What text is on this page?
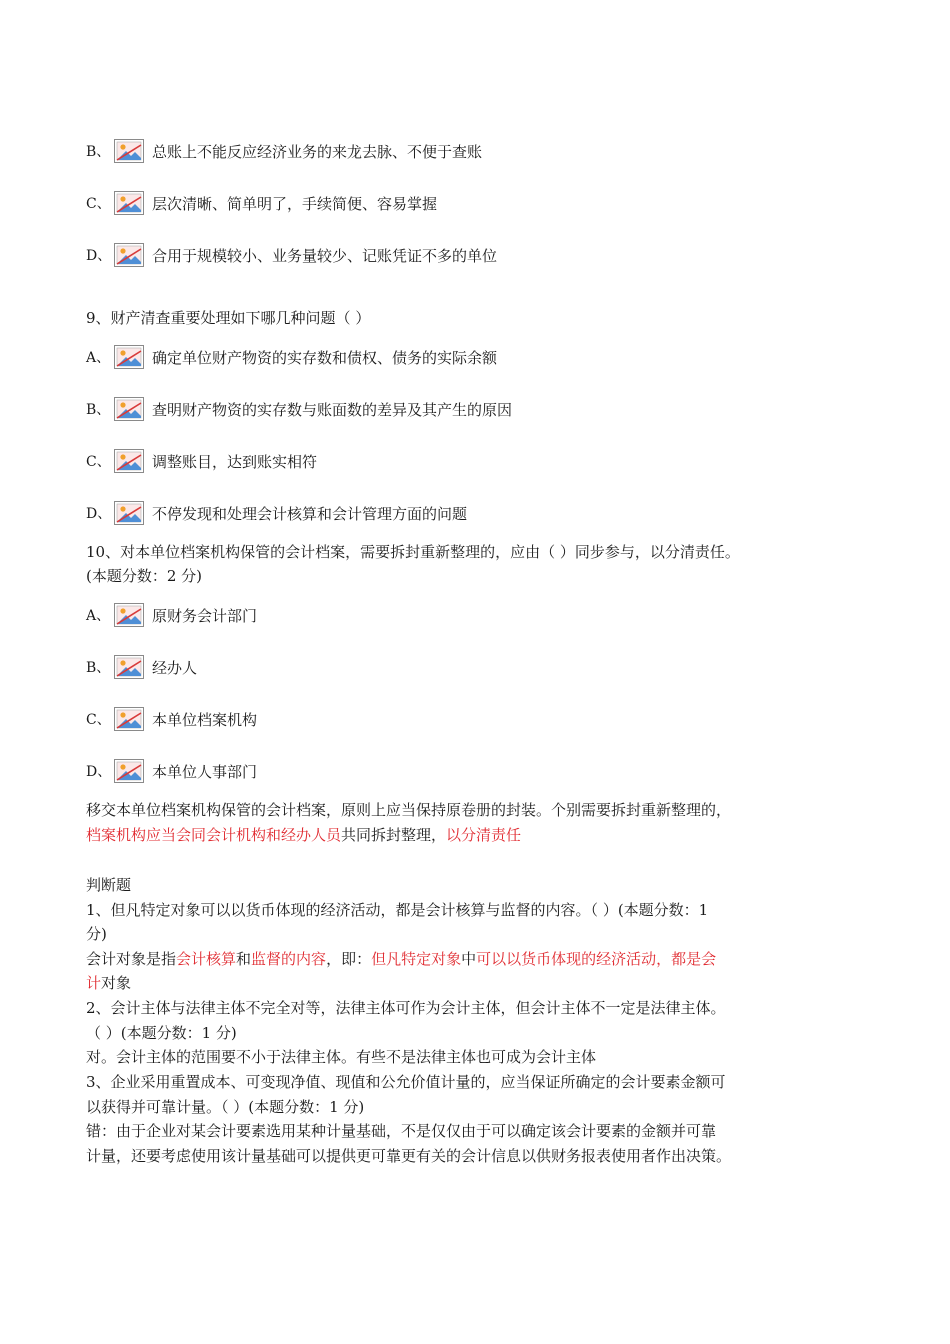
B、	总账上不能反应经济业务的来龙去脉、不便于查账
C、	层次清晰、简单明了，手续简便、容易掌握
D、	合用于规模较小、业务量较少、记账凭证不多的单位
9、财产清查重要处理如下哪几种问题（ ）
A、	确定单位财产物资的实存数和债权、债务的实际余额
B、	查明财产物资的实存数与账面数的差异及其产生的原因
C、	调整账目，达到账实相符
D、	不停发现和处理会计核算和会计管理方面的问题
10、对本单位档案机构保管的会计档案，需要拆封重新整理的，应由（ ）同步参与，以分清责任。
(本题分数：2 分)
A、	原财务会计部门
B、	经办人
C、	本单位档案机构
D、	本单位人事部门
移交本单位档案机构保管的会计档案，原则上应当保持原卷册的封装。个别需要拆封重新整理的，
档案机构应当会同会计机构和经办人员共同拆封整理，以分清责任
判断题
1、但凡特定对象可以以货币体现的经济活动，都是会计核算与监督的内容。（ ）(本题分数：1
分)
会计对象是指会计核算和监督的内容，即：但凡特定对象中可以以货币体现的经济活动，都是会
计对象
2、会计主体与法律主体不完全对等，法律主体可作为会计主体，但会计主体不一定是法律主体。
（ ）(本题分数：1 分)
对。会计主体的范围要不小于法律主体。有些不是法律主体也可成为会计主体
3、企业采用重置成本、可变现净值、现值和公允价值计量的，应当保证所确定的会计要素金额可
以获得并可靠计量。（ ）(本题分数：1 分)
错：由于企业对某会计要素选用某种计量基础，不是仅仅由于可以确定该会计要素的金额并可靠
计量，还要考虑使用该计量基础可以提供更可靠更有关的会计信息以供财务报表使用者作出决策。
